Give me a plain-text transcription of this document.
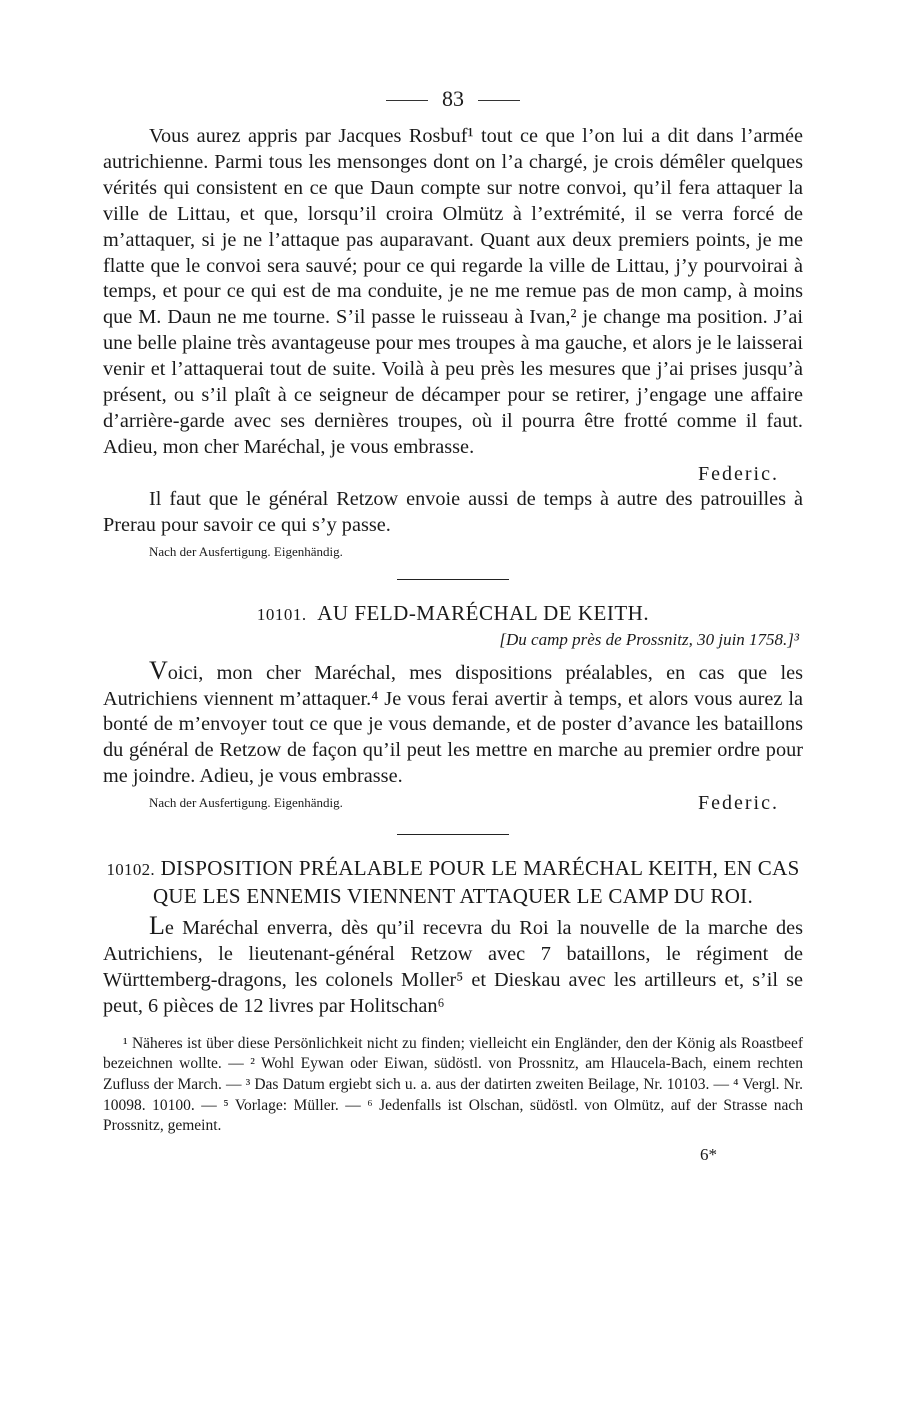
83

Vous aurez appris par Jacques Rosbuf¹ tout ce que l’on lui a dit dans l’armée autrichienne. Parmi tous les mensonges dont on l’a chargé, je crois démêler quelques vérités qui consistent en ce que Daun compte sur notre convoi, qu’il fera attaquer la ville de Littau, et que, lorsqu’il croira Olmütz à l’extrémité, il se verra forcé de m’attaquer, si je ne l’attaque pas auparavant. Quant aux deux premiers points, je me flatte que le convoi sera sauvé; pour ce qui regarde la ville de Littau, j’y pourvoirai à temps, et pour ce qui est de ma conduite, je ne me remue pas de mon camp, à moins que M. Daun ne me tourne. S’il passe le ruisseau à Ivan,² je change ma position. J’ai une belle plaine très avantageuse pour mes troupes à ma gauche, et alors je le laisserai venir et l’attaquerai tout de suite. Voilà à peu près les mesures que j’ai prises jusqu’à présent, ou s’il plaît à ce seigneur de décamper pour se retirer, j’engage une affaire d’arrière-garde avec ses dernières troupes, où il pourra être frotté comme il faut. Adieu, mon cher Maréchal, je vous embrasse.

Federic.

Il faut que le général Retzow envoie aussi de temps à autre des patrouilles à Prerau pour savoir ce qui s’y passe.

Nach der Ausfertigung. Eigenhändig.
10101. AU FELD-MARÉCHAL DE KEITH.
[Du camp près de Prossnitz, 30 juin 1758.]³

Voici, mon cher Maréchal, mes dispositions préalables, en cas que les Autrichiens viennent m’attaquer.⁴ Je vous ferai avertir à temps, et alors vous aurez la bonté de m’envoyer tout ce que je vous demande, et de poster d’avance les bataillons du général de Retzow de façon qu’il peut les mettre en marche au premier ordre pour me joindre. Adieu, je vous embrasse.

Nach der Ausfertigung. Eigenhändig.	Federic.
10102. DISPOSITION PRÉALABLE POUR LE MARÉCHAL KEITH, EN CAS QUE LES ENNEMIS VIENNENT ATTAQUER LE CAMP DU ROI.

Le Maréchal enverra, dès qu’il recevra du Roi la nouvelle de la marche des Autrichiens, le lieutenant-général Retzow avec 7 bataillons, le régiment de Württemberg-dragons, les colonels Moller⁵ et Dieskau avec les artilleurs et, s’il se peut, 6 pièces de 12 livres par Holitschan⁶

¹ Näheres ist über diese Persönlichkeit nicht zu finden; vielleicht ein Engländer, den der König als Roastbeef bezeichnen wollte. — ² Wohl Eywan oder Eiwan, südöstl. von Prossnitz, am Hlaucela-Bach, einem rechten Zufluss der March. — ³ Das Datum ergiebt sich u. a. aus der datirten zweiten Beilage, Nr. 10103. — ⁴ Vergl. Nr. 10098. 10100. — ⁵ Vorlage: Müller. — ⁶ Jedenfalls ist Olschan, südöstl. von Olmütz, auf der Strasse nach Prossnitz, gemeint.

6*
